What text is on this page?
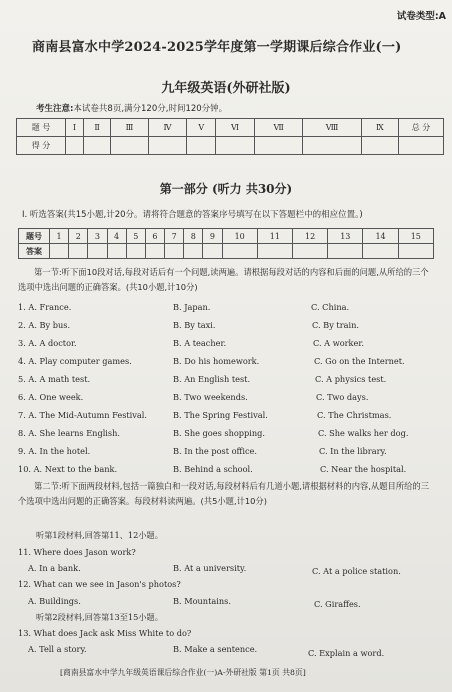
试卷类型:A
商南县富水中学2024-2025学年度第一学期课后综合作业(一)
九年级英语(外研社版)
考生注意:本试卷共8页,满分120分,时间120分钟。
题 号	Ⅰ	Ⅱ	Ⅲ	Ⅳ	Ⅴ	Ⅵ	Ⅶ	Ⅷ	Ⅸ	总 分
得 分										
第一部分 (听力 共30分)
Ⅰ. 听选答案(共15小题,计20分。请将符合题意的答案序号填写在以下答题栏中的相应位置。)
题号	1	2	3	4	5	6	7	8	9	10	11	12	13	14	15
答案															
第一节:听下面10段对话,每段对话后有一个问题,读两遍。请根据每段对话的内容和后面的问题,从所给的三个选项中选出问题的正确答案。(共10小题,计10分)
1. A. France.	B. Japan.	C. China.
2. A. By bus.	B. By taxi.	C. By train.
3. A. A doctor.	B. A teacher.	C. A worker.
4. A. Play computer games.	B. Do his homework.	C. Go on the Internet.
5. A. A math test.	B. An English test.	C. A physics test.
6. A. One week.	B. Two weekends.	C. Two days.
7. A. The Mid-Autumn Festival.	B. The Spring Festival.	C. The Christmas.
8. A. She learns English.	B. She goes shopping.	C. She walks her dog.
9. A. In the hotel.	B. In the post office.	C. In the library.
10. A. Next to the bank.	B. Behind a school.	C. Near the hospital.
第二节:听下面两段材料,包括一篇独白和一段对话,每段材料后有几道小题,请根据材料的内容,从题目所给的三个选项中选出问题的正确答案。每段材料读两遍。(共5小题,计10分)
听第1段材料,回答第11、12小题。
11. Where does Jason work?
A. In a bank.	B. At a university.	C. At a police station.
12. What can we see in Jason's photos?
A. Buildings.	B. Mountains.	C. Giraffes.
听第2段材料,回答第13至15小题。
13. What does Jack ask Miss White to do?
A. Tell a story.	B. Make a sentence.	C. Explain a word.
[商南县富水中学九年级英语课后综合作业(一)A-外研社版 第1页 共8页]
